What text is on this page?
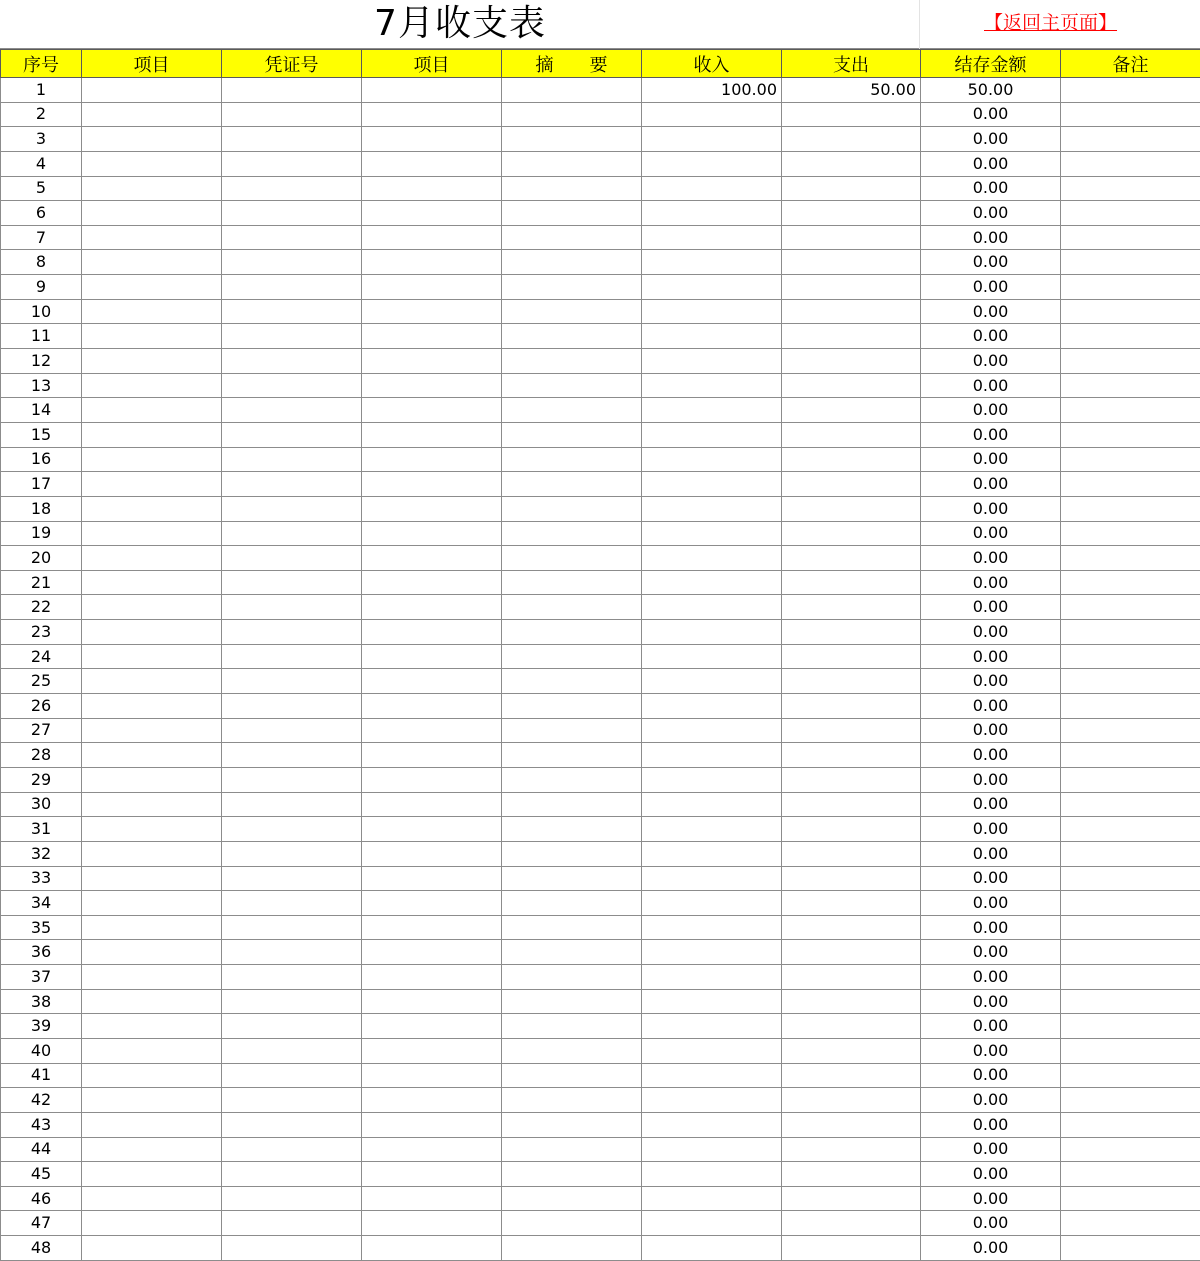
7月收支表	【返回主页面】
序号	项目	凭证号	项目	摘　　要	收入	支出	结存金额	备注
1					100.00	50.00	50.00	
2							0.00	
3							0.00	
4							0.00	
5							0.00	
6							0.00	
7							0.00	
8							0.00	
9							0.00	
10							0.00	
11							0.00	
12							0.00	
13							0.00	
14							0.00	
15							0.00	
16							0.00	
17							0.00	
18							0.00	
19							0.00	
20							0.00	
21							0.00	
22							0.00	
23							0.00	
24							0.00	
25							0.00	
26							0.00	
27							0.00	
28							0.00	
29							0.00	
30							0.00	
31							0.00	
32							0.00	
33							0.00	
34							0.00	
35							0.00	
36							0.00	
37							0.00	
38							0.00	
39							0.00	
40							0.00	
41							0.00	
42							0.00	
43							0.00	
44							0.00	
45							0.00	
46							0.00	
47							0.00	
48							0.00	
